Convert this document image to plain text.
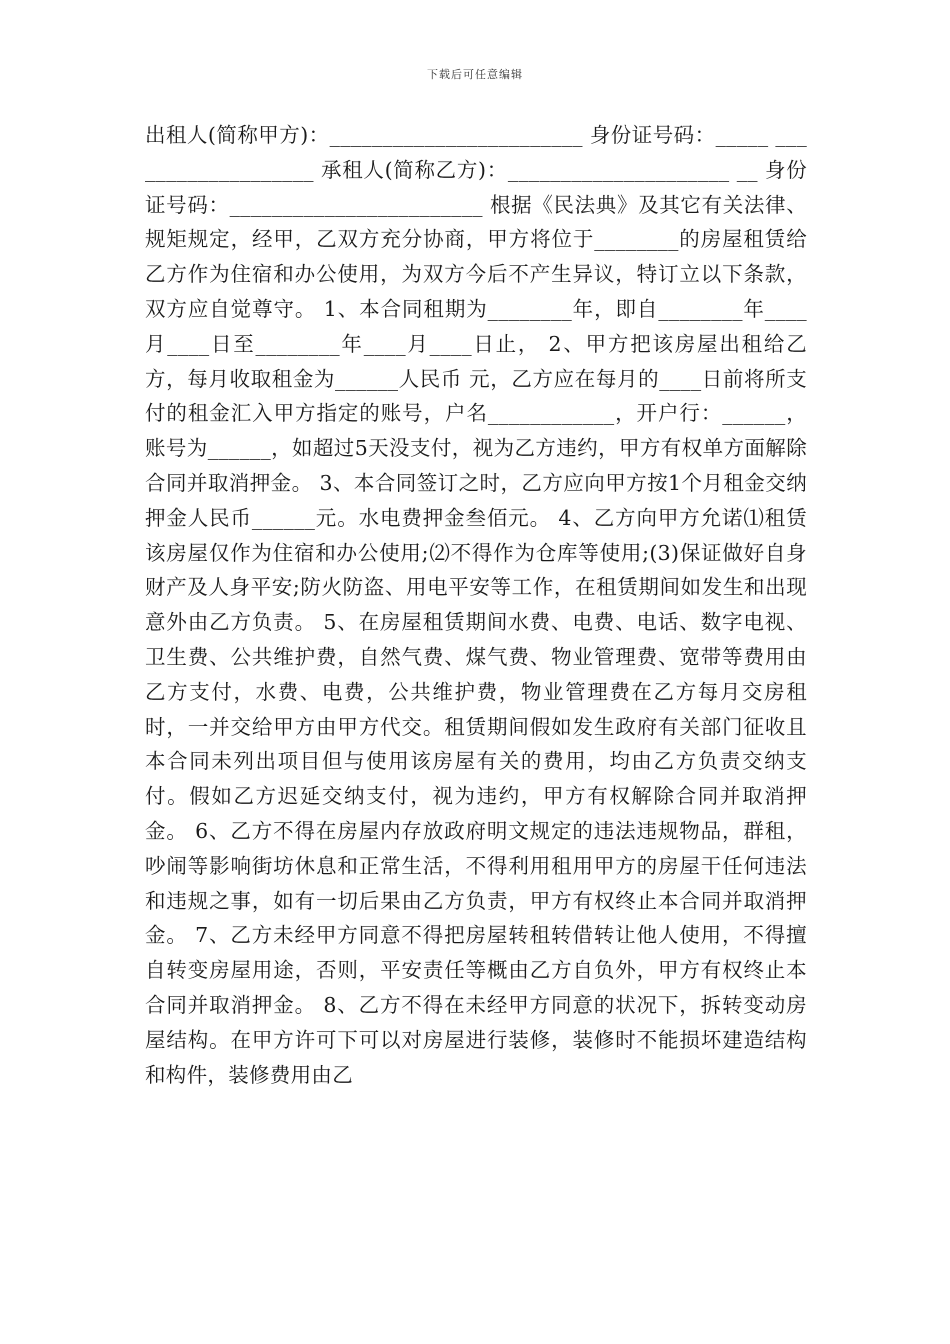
下载后可任意编辑

出租人(简称甲方)：________________________ 身份证号码：_____ ___________________ 承租人(简称乙方)：_____________________ __ 身份证号码：________________________ 根据《民法典》及其它有关法律、规矩规定，经甲，乙双方充分协商，甲方将位于________的房屋租赁给乙方作为住宿和办公使用，为双方今后不产生异议，特订立以下条款，双方应自觉尊守。 1、本合同租期为________年，即自________年____月____日至________年____月____日止， 2、甲方把该房屋出租给乙方，每月收取租金为______人民币 元，乙方应在每月的____日前将所支付的租金汇入甲方指定的账号，户名____________，开户行：______，账号为______，如超过5天没支付，视为乙方违约，甲方有权单方面解除合同并取消押金。 3、本合同签订之时，乙方应向甲方按1个月租金交纳押金人民币______元。水电费押金叁佰元。 4、乙方向甲方允诺⑴租赁该房屋仅作为住宿和办公使用;⑵不得作为仓库等使用;(3)保证做好自身财产及人身平安;防火防盗、用电平安等工作，在租赁期间如发生和出现意外由乙方负责。 5、在房屋租赁期间水费、电费、电话、数字电视、卫生费、公共维护费，自然气费、煤气费、物业管理费、宽带等费用由乙方支付，水费、电费，公共维护费，物业管理费在乙方每月交房租时，一并交给甲方由甲方代交。租赁期间假如发生政府有关部门征收且本合同未列出项目但与使用该房屋有关的费用，均由乙方负责交纳支付。假如乙方迟延交纳支付，视为违约，甲方有权解除合同并取消押金。 6、乙方不得在房屋内存放政府明文规定的违法违规物品，群租，吵闹等影响街坊休息和正常生活，不得利用租用甲方的房屋干任何违法和违规之事，如有一切后果由乙方负责，甲方有权终止本合同并取消押金。 7、乙方未经甲方同意不得把房屋转租转借转让他人使用，不得擅自转变房屋用途，否则，平安责任等概由乙方自负外，甲方有权终止本合同并取消押金。 8、乙方不得在未经甲方同意的状况下，拆转变动房屋结构。在甲方许可下可以对房屋进行装修，装修时不能损坏建造结构和构件，装修费用由乙
